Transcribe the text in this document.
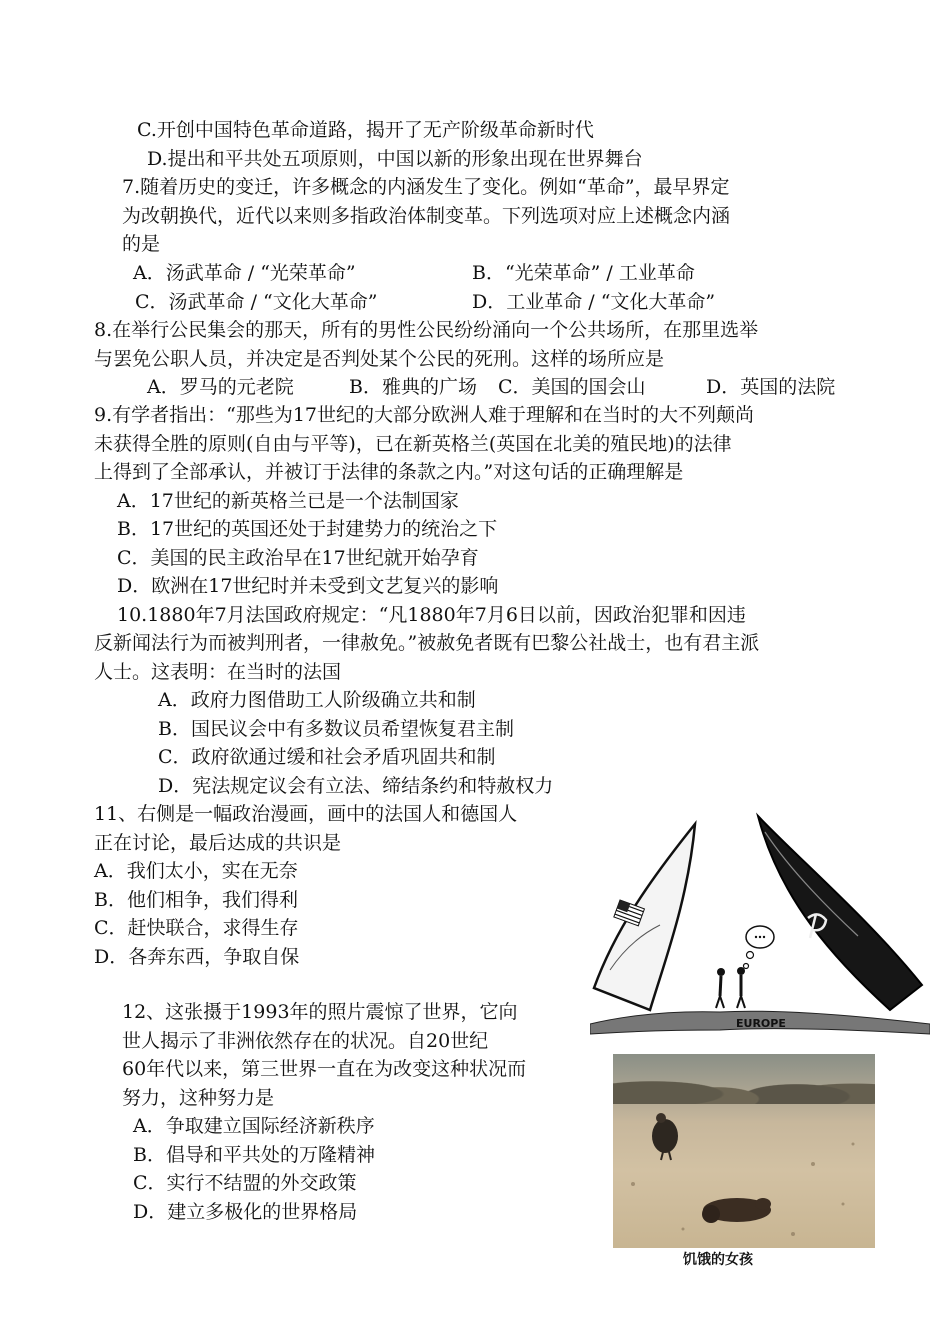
C.开创中国特色革命道路，揭开了无产阶级革命新时代
D.提出和平共处五项原则，中国以新的形象出现在世界舞台
7.随着历史的变迁，许多概念的内涵发生了变化。例如“革命”，最早界定
为改朝换代，近代以来则多指政治体制变革。下列选项对应上述概念内涵
的是
A．汤武革命 / “光荣革命”	B．“光荣革命” / 工业革命
C．汤武革命 / “文化大革命”	D．工业革命 / “文化大革命”
8.在举行公民集会的那天，所有的男性公民纷纷涌向一个公共场所，在那里选举
与罢免公职人员，并决定是否判处某个公民的死刑。这样的场所应是
A．罗马的元老院	B．雅典的广场 C．美国的国会山	D．英国的法院
9.有学者指出：“那些为17世纪的大部分欧洲人难于理解和在当时的大不列颠尚
未获得全胜的原则(自由与平等)，已在新英格兰(英国在北美的殖民地)的法律
上得到了全部承认，并被订于法律的条款之内。”对这句话的正确理解是
A．17世纪的新英格兰已是一个法制国家
B．17世纪的英国还处于封建势力的统治之下
C．美国的民主政治早在17世纪就开始孕育
D．欧洲在17世纪时并未受到文艺复兴的影响
10.1880年7月法国政府规定：“凡1880年7月6日以前，因政治犯罪和因违
反新闻法行为而被判刑者，一律赦免。”被赦免者既有巴黎公社战士，也有君主派
人士。这表明：在当时的法国
A．政府力图借助工人阶级确立共和制
B．国民议会中有多数议员希望恢复君主制
C．政府欲通过缓和社会矛盾巩固共和制
D．宪法规定议会有立法、缔结条约和特赦权力
11、右侧是一幅政治漫画，画中的法国人和德国人
正在讨论，最后达成的共识是
A．我们太小，实在无奈
B．他们相争，我们得利
C．赶快联合，求得生存
D．各奔东西，争取自保
12、这张摄于1993年的照片震惊了世界，它向
世人揭示了非洲依然存在的状况。自20世纪
60年代以来，第三世界一直在为改变这种状况而
努力，这种努力是
A．争取建立国际经济新秩序
B．倡导和平共处的万隆精神
C．实行不结盟的外交政策
D．建立多极化的世界格局
EUROPE
饥饿的女孩
